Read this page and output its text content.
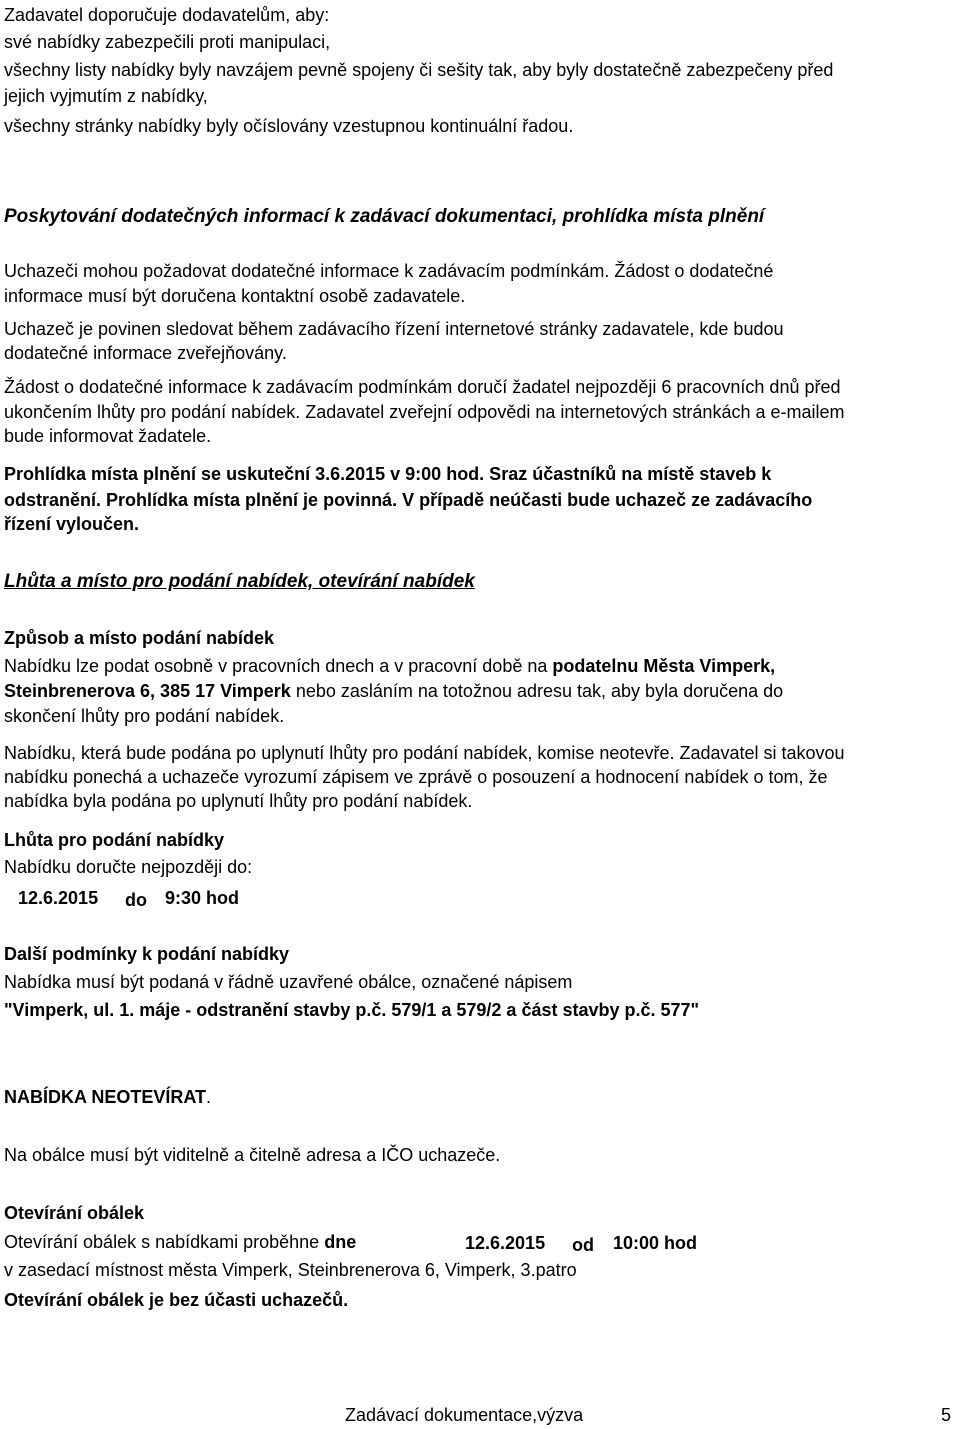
Zadavatel doporučuje dodavatelům, aby:

své nabídky zabezpečili proti manipulaci,

všechny listy nabídky byly navzájem pevně spojeny či sešity tak, aby byly dostatečně zabezpečeny před

jejich vyjmutím z nabídky,

všechny stránky nabídky byly očíslovány vzestupnou kontinuální řadou.

Poskytování dodatečných informací k zadávací dokumentaci, prohlídka místa plnění

Uchazeči mohou požadovat dodatečné informace k zadávacím podmínkám. Žádost o dodatečné

informace musí být doručena kontaktní osobě zadavatele.

Uchazeč je povinen sledovat během zadávacího řízení internetové stránky zadavatele, kde budou

dodatečné informace zveřejňovány.

Žádost o dodatečné informace k zadávacím podmínkám doručí žadatel nejpozději 6 pracovních dnů před

ukončením lhůty pro podání nabídek. Zadavatel zveřejní odpovědi na internetových stránkách a e-mailem

bude informovat žadatele.

Prohlídka místa plnění se uskuteční 3.6.2015 v 9:00 hod. Sraz účastníků na místě staveb k

odstranění. Prohlídka místa plnění je povinná. V případě neúčasti bude uchazeč ze zadávacího

řízení vyloučen.

Lhůta a místo pro podání nabídek, otevírání nabídek

Způsob a místo podání nabídek

Nabídku lze podat osobně v pracovních dnech a v pracovní době na podatelnu Města Vimperk,

Steinbrenerova 6, 385 17 Vimperk nebo zasláním na totožnou adresu tak, aby byla doručena do

skončení lhůty pro podání nabídek.

Nabídku, která bude podána po uplynutí lhůty pro podání nabídek, komise neotevře. Zadavatel si takovou

nabídku ponechá a uchazeče vyrozumí zápisem ve zprávě o posouzení a hodnocení nabídek o tom, že

nabídka byla podána po uplynutí lhůty pro podání nabídek.

Lhůta pro podání nabídky

Nabídku doručte nejpozději do:

12.6.2015 do 9:30 hod

Další podmínky k podání nabídky

Nabídka musí být podaná v řádně uzavřené obálce, označené nápisem

"Vimperk, ul. 1. máje - odstranění stavby p.č. 579/1 a 579/2 a část stavby p.č. 577"

NABÍDKA NEOTEVÍRAT.

Na obálce musí být viditelně a čitelně adresa a IČO uchazeče.

Otevírání obálek

Otevírání obálek s nabídkami proběhne dne	12.6.2015 od 10:00 hod

v zasedací místnost města Vimperk, Steinbrenerova 6, Vimperk, 3.patro

Otevírání obálek je bez účasti uchazečů.

Zadávací dokumentace,výzva	5
